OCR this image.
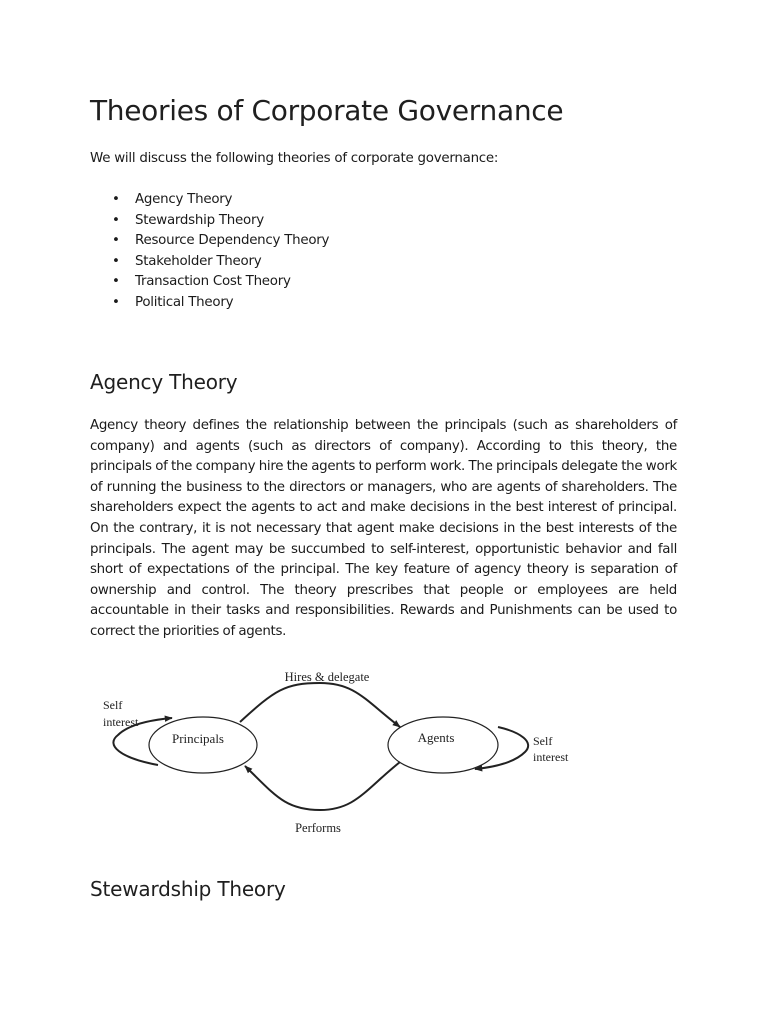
Theories of Corporate Governance

We will discuss the following theories of corporate governance:

• Agency Theory
• Stewardship Theory
• Resource Dependency Theory
• Stakeholder Theory
• Transaction Cost Theory
• Political Theory
Agency Theory

Agency theory defines the relationship between the principals (such as shareholders of company) and agents (such as directors of company). According to this theory, the principals of the company hire the agents to perform work. The principals delegate the work of running the business to the directors or managers, who are agents of shareholders. The shareholders expect the agents to act and make decisions in the best interest of principal. On the contrary, it is not necessary that agent make decisions in the best interests of the principals. The agent may be succumbed to self-interest, opportunistic behavior and fall short of expectations of the principal. The key feature of agency theory is separation of ownership and control. The theory prescribes that people or employees are held accountable in their tasks and responsibilities. Rewards and Punishments can be used to correct the priorities of agents.

Principals	Agents
Hires & delegate
Performs
Self
interest
Self
interest
Stewardship Theory
